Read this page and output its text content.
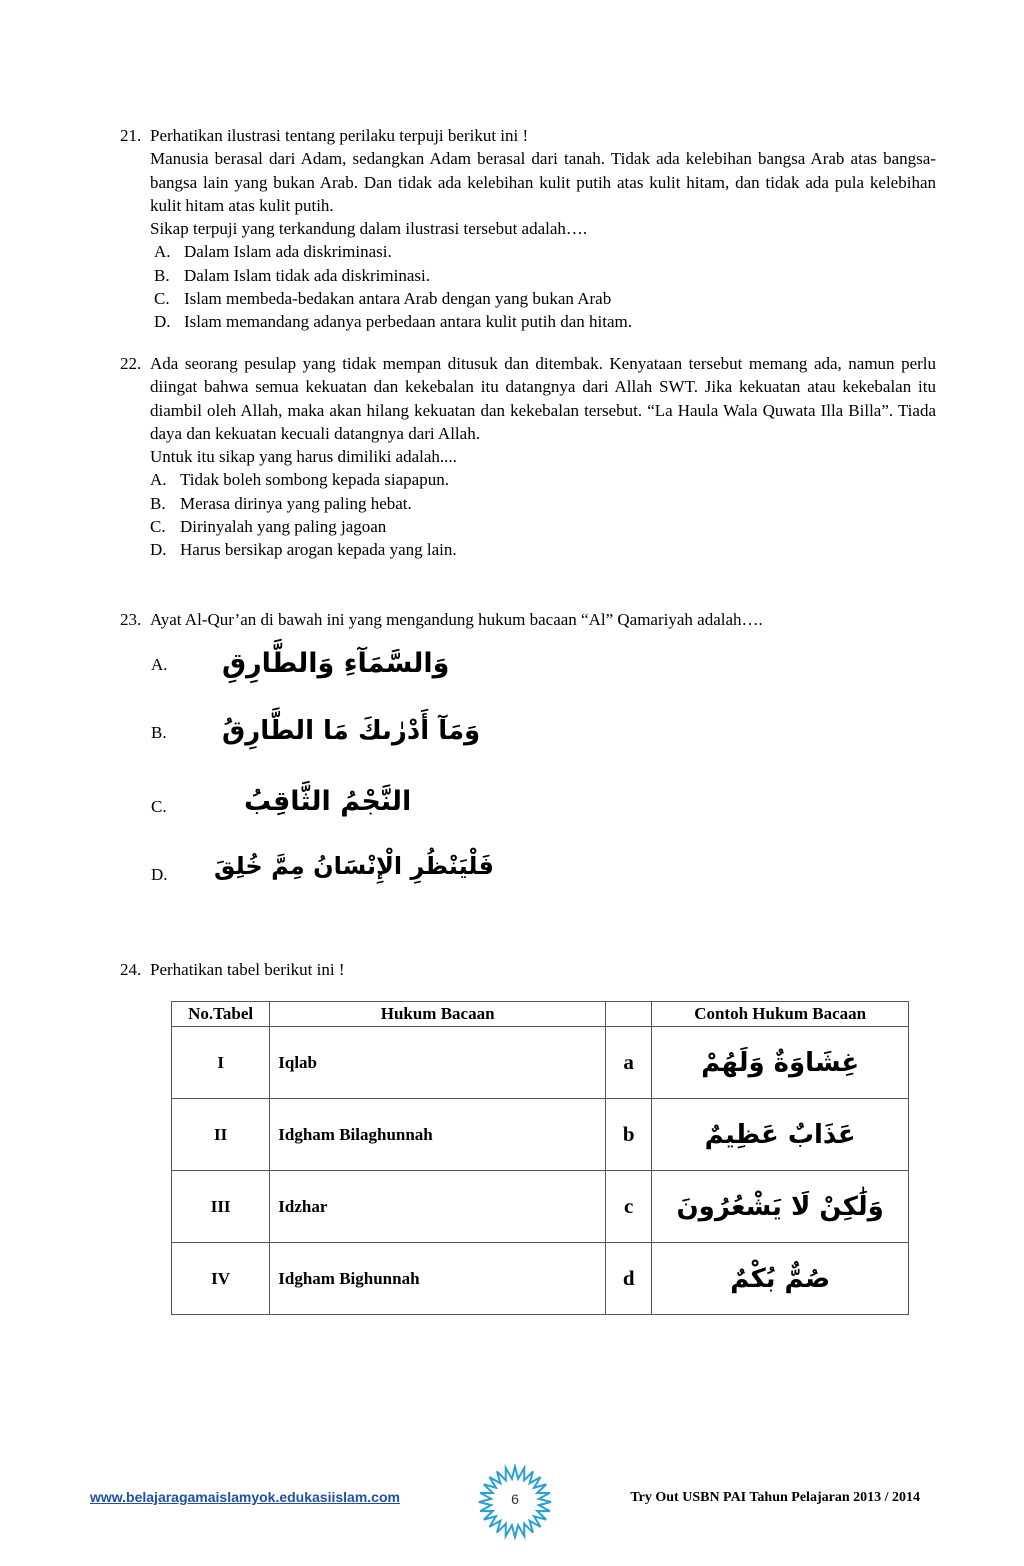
21. Perhatikan ilustrasi tentang perilaku terpuji berikut ini !

Manusia berasal dari Adam, sedangkan Adam berasal dari tanah. Tidak ada kelebihan bangsa Arab atas bangsa-bangsa lain yang bukan Arab. Dan tidak ada kelebihan kulit putih atas kulit hitam, dan tidak ada pula kelebihan kulit hitam atas kulit putih.

Sikap terpuji yang terkandung dalam ilustrasi tersebut adalah….

A. Dalam Islam ada diskriminasi.
B. Dalam Islam tidak ada diskriminasi.
C. Islam membeda-bedakan antara Arab dengan yang bukan Arab
D. Islam memandang adanya perbedaan antara kulit putih dan hitam.
22. Ada seorang pesulap yang tidak mempan ditusuk dan ditembak. Kenyataan tersebut memang ada, namun perlu diingat bahwa semua kekuatan dan kekebalan itu datangnya dari Allah SWT. Jika kekuatan atau kekebalan itu diambil oleh Allah, maka akan hilang kekuatan dan kekebalan tersebut. “La Haula Wala Quwata Illa Billa”. Tiada daya dan kekuatan kecuali datangnya dari Allah.

Untuk itu sikap yang harus dimiliki adalah....

A. Tidak boleh sombong kepada siapapun.
B. Merasa dirinya yang paling hebat.
C. Dirinyalah yang paling jagoan
D. Harus bersikap arogan kepada yang lain.
23. Ayat Al-Qur’an di bawah ini yang mengandung hukum bacaan “Al” Qamariyah adalah….

A. وَالسَّمَآءِ وَالطَّارِقِ
B. وَمَآ أَدْرٰىكَ مَا الطَّارِقُ
C.	النَّجْمُ الثَّاقِبُ
D. فَلْيَنْظُرِ الْإِنْسَانُ مِمَّ خُلِقَ
24. Perhatikan tabel berikut ini !

No.Tabel	Hukum Bacaan		Contoh Hukum Bacaan
I	Iqlab	a	غِشَاوَةٌ وَلَهُمْ
II	Idgham Bilaghunnah	b	عَذَابٌ عَظِيمٌ
III	Idzhar	c	وَلَٰكِنْ لَا يَشْعُرُونَ
IV	Idgham Bighunnah	d	صُمٌّ بُكْمٌ
www.belajaragamaislamyok.edukasiislam.com	6	Try Out USBN PAI Tahun Pelajaran 2013 / 2014
